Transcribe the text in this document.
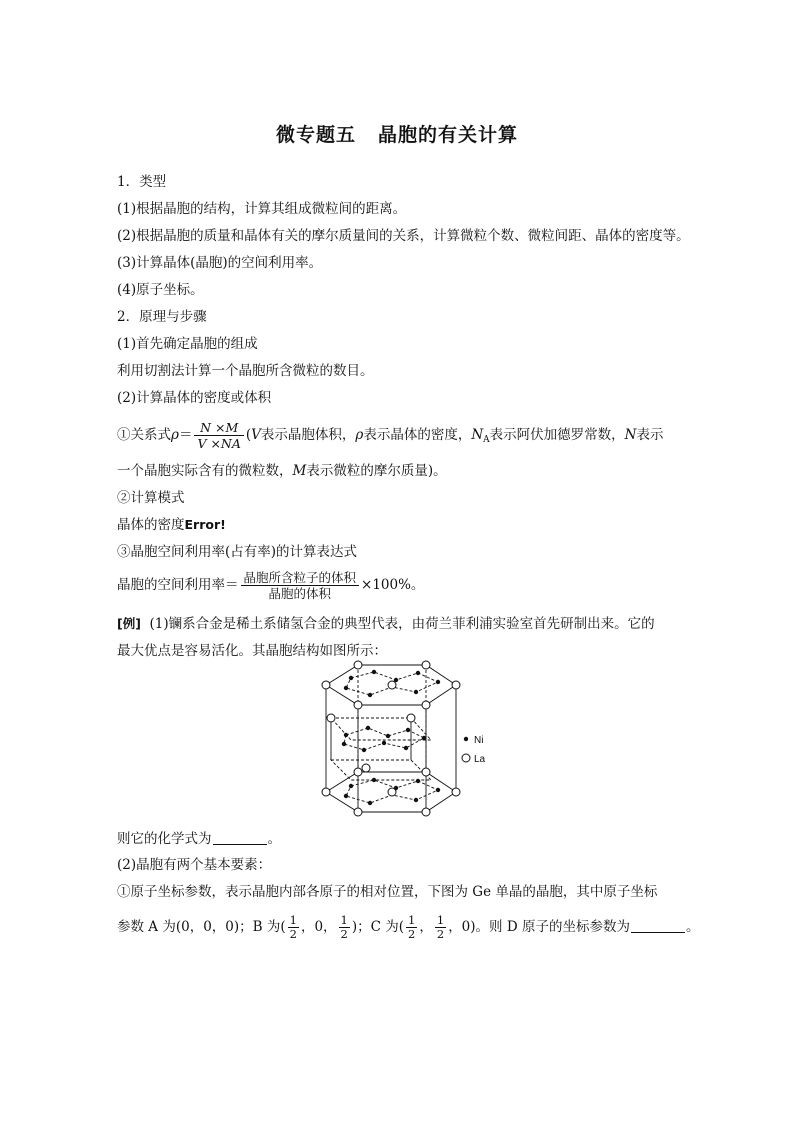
微专题五 晶胞的有关计算
1．类型
(1)根据晶胞的结构，计算其组成微粒间的距离。
(2)根据晶胞的质量和晶体有关的摩尔质量间的关系，计算微粒个数、微粒间距、晶体的密度等。
(3)计算晶体(晶胞)的空间利用率。
(4)原子坐标。
2．原理与步骤
(1)首先确定晶胞的组成
利用切割法计算一个晶胞所含微粒的数目。
(2)计算晶体的密度或体积
①关系式$\rho= \frac{N \times M}{V \times NA} (V$表示晶胞体积，ρ表示晶体的密度，$N_A$表示阿伏加德罗常数，N表示
一个晶胞实际含有的微粒数，M表示微粒的摩尔质量)。
②计算模式
晶体的密度Error!
③晶胞空间利用率(占有率)的计算表达式
晶胞的空间利用率＝ $\frac{\text{晶胞所含粒子的体积}}{\text{晶胞的体积}} \times 100\%$。
[例] (1)镧系合金是稀土系储氢合金的典型代表，由荷兰菲利浦实验室首先研制出来。它的
最大优点是容易活化。其晶胞结构如图所示：
Ni
La
则它的化学式为	。
(2)晶胞有两个基本要素：
①原子坐标参数，表示晶胞内部各原子的相对位置，下图为 Ge 单晶的晶胞，其中原子坐标
参数 A 为(0，0，0)；B 为( $\frac{1}{2}$ ，0， $\frac{1}{2}$ )；C 为( $\frac{1}{2}$ ， $\frac{1}{2}$ ，0)。则 D 原子的坐标参数为	。
